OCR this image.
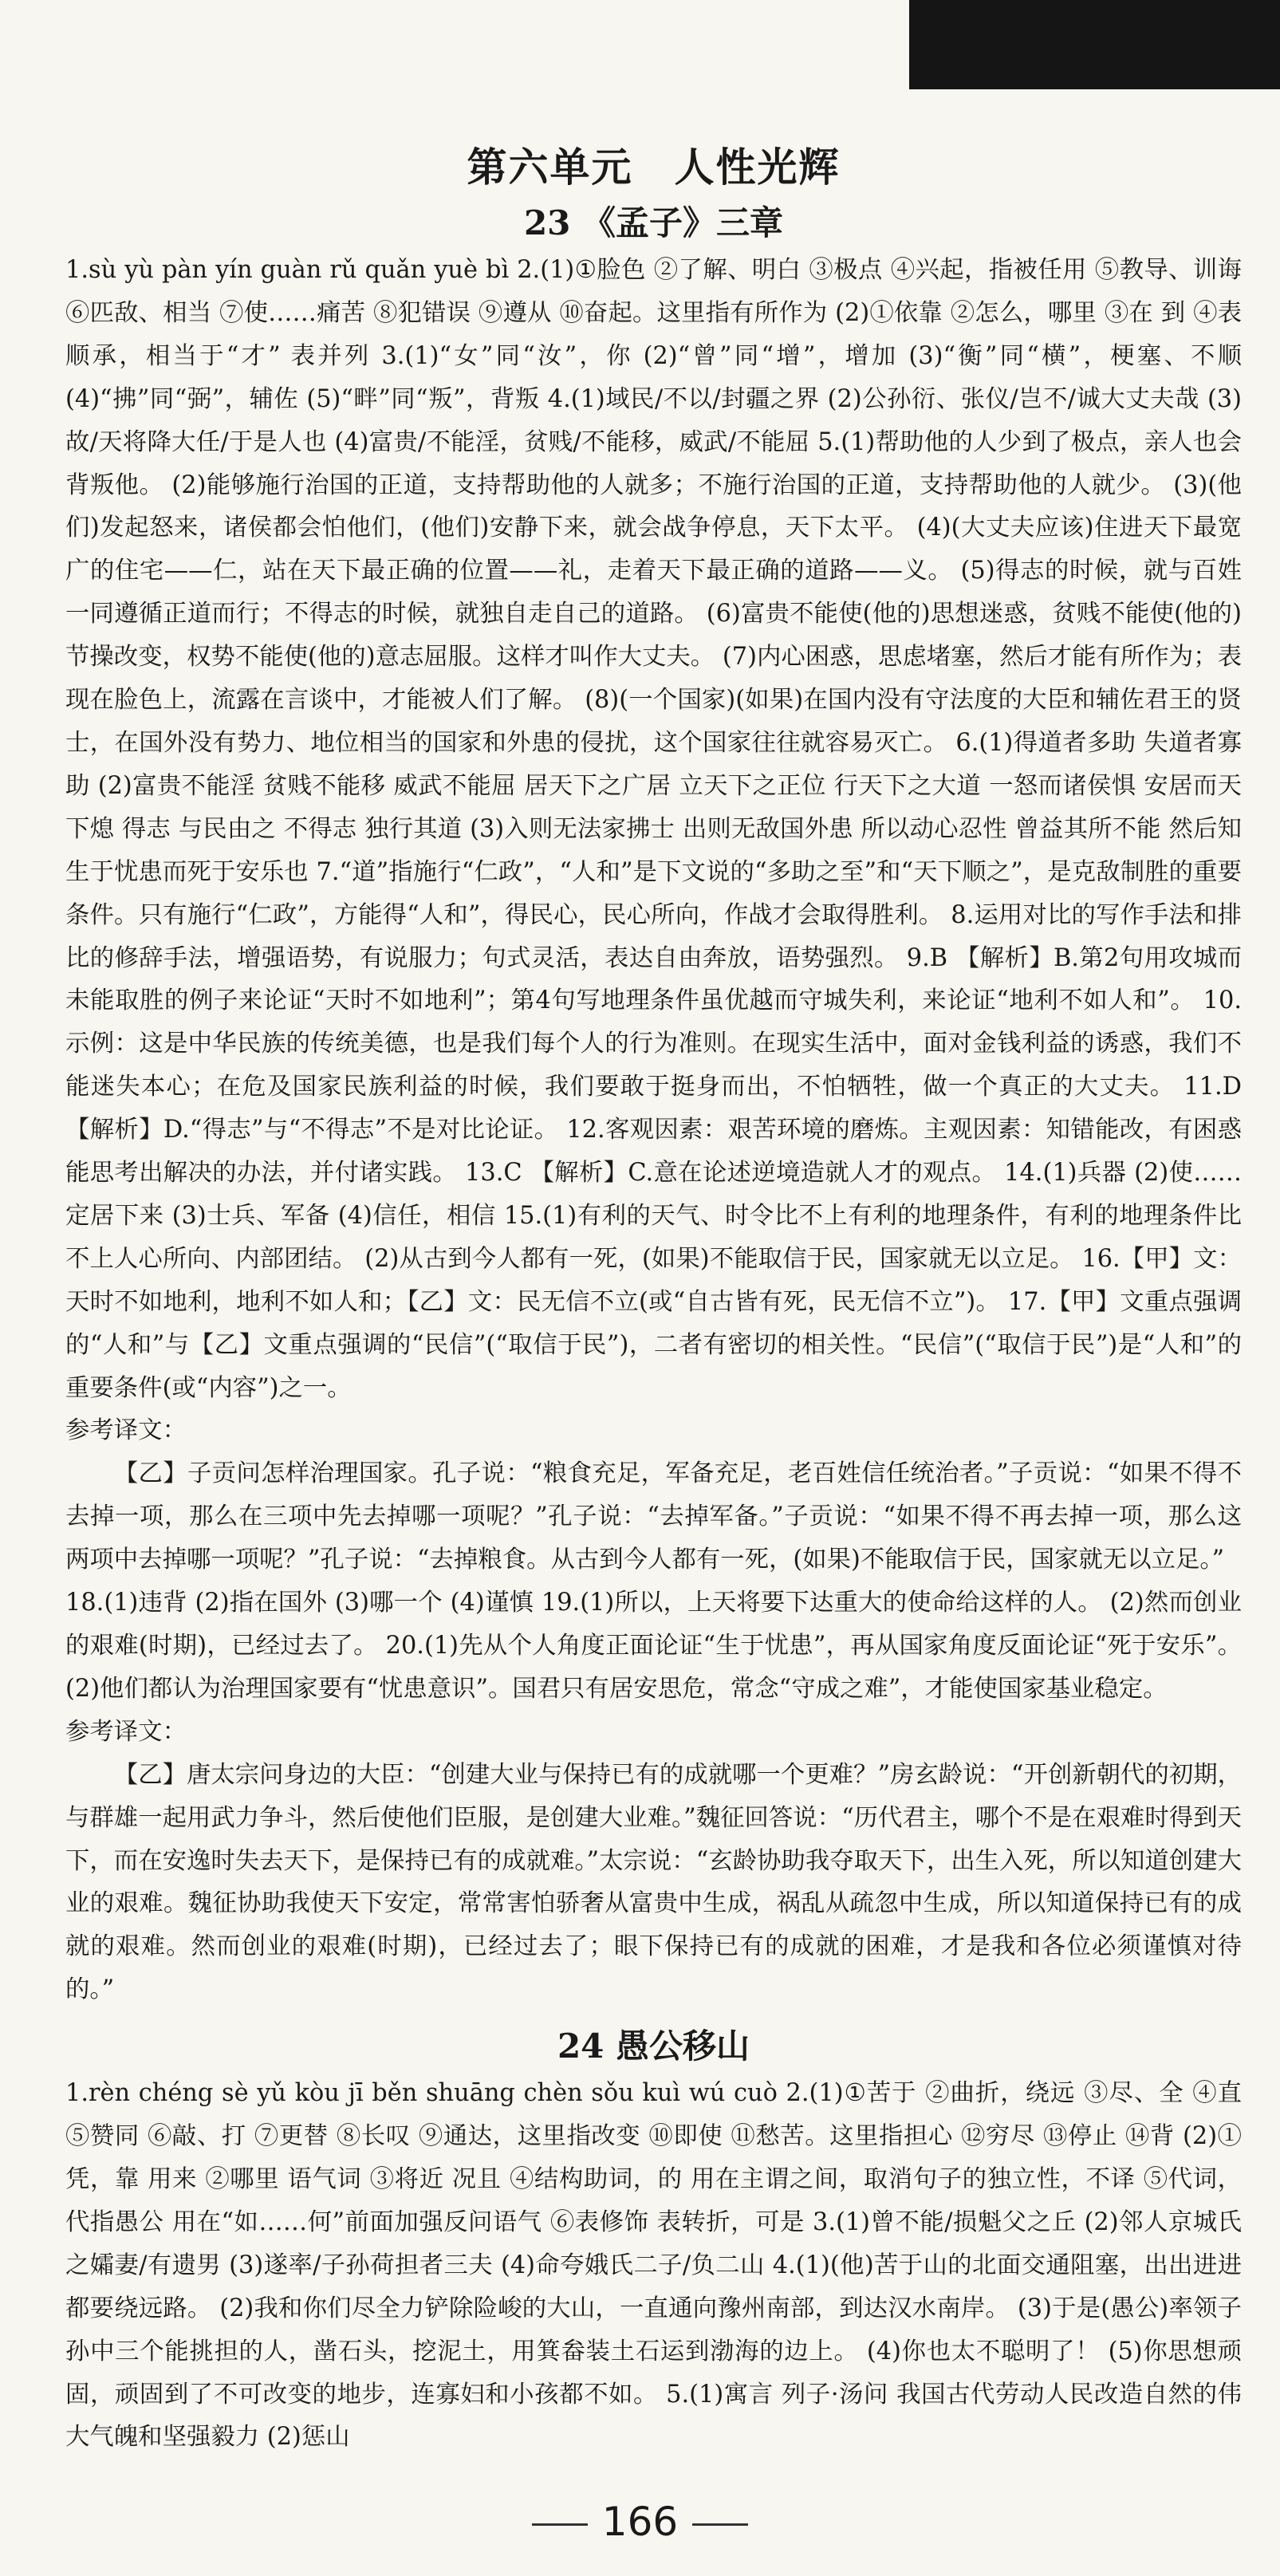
第六单元　人性光辉
23 《孟子》三章

1.sù yù pàn yín guàn rǔ quǎn yuè bì 2.(1)①脸色 ②了解、明白 ③极点 ④兴起，指被任用 ⑤教导、训诲 ⑥匹敌、相当 ⑦使……痛苦 ⑧犯错误 ⑨遵从 ⑩奋起。这里指有所作为 (2)①依靠 ②怎么，哪里 ③在 到 ④表顺承，相当于“才” 表并列 3.(1)“女”同“汝”，你 (2)“曾”同“增”，增加 (3)“衡”同“横”，梗塞、不顺 (4)“拂”同“弼”，辅佐 (5)“畔”同“叛”，背叛 4.(1)域民/不以/封疆之界 (2)公孙衍、张仪/岂不/诚大丈夫哉 (3)故/天将降大任/于是人也 (4)富贵/不能淫，贫贱/不能移，威武/不能屈 5.(1)帮助他的人少到了极点，亲人也会背叛他。 (2)能够施行治国的正道，支持帮助他的人就多；不施行治国的正道，支持帮助他的人就少。 (3)(他们)发起怒来，诸侯都会怕他们，(他们)安静下来，就会战争停息，天下太平。 (4)(大丈夫应该)住进天下最宽广的住宅——仁，站在天下最正确的位置——礼，走着天下最正确的道路——义。 (5)得志的时候，就与百姓一同遵循正道而行；不得志的时候，就独自走自己的道路。 (6)富贵不能使(他的)思想迷惑，贫贱不能使(他的)节操改变，权势不能使(他的)意志屈服。这样才叫作大丈夫。 (7)内心困惑，思虑堵塞，然后才能有所作为；表现在脸色上，流露在言谈中，才能被人们了解。 (8)(一个国家)(如果)在国内没有守法度的大臣和辅佐君王的贤士，在国外没有势力、地位相当的国家和外患的侵扰，这个国家往往就容易灭亡。 6.(1)得道者多助 失道者寡助 (2)富贵不能淫 贫贱不能移 威武不能屈 居天下之广居 立天下之正位 行天下之大道 一怒而诸侯惧 安居而天下熄 得志 与民由之 不得志 独行其道 (3)入则无法家拂士 出则无敌国外患 所以动心忍性 曾益其所不能 然后知生于忧患而死于安乐也 7.“道”指施行“仁政”，“人和”是下文说的“多助之至”和“天下顺之”，是克敌制胜的重要条件。只有施行“仁政”，方能得“人和”，得民心，民心所向，作战才会取得胜利。 8.运用对比的写作手法和排比的修辞手法，增强语势，有说服力；句式灵活，表达自由奔放，语势强烈。 9.B 【解析】B.第2句用攻城而未能取胜的例子来论证“天时不如地利”；第4句写地理条件虽优越而守城失利，来论证“地利不如人和”。 10.示例：这是中华民族的传统美德，也是我们每个人的行为准则。在现实生活中，面对金钱利益的诱惑，我们不能迷失本心；在危及国家民族利益的时候，我们要敢于挺身而出，不怕牺牲，做一个真正的大丈夫。 11.D 【解析】D.“得志”与“不得志”不是对比论证。 12.客观因素：艰苦环境的磨炼。主观因素：知错能改，有困惑能思考出解决的办法，并付诸实践。 13.C 【解析】C.意在论述逆境造就人才的观点。 14.(1)兵器 (2)使……定居下来 (3)士兵、军备 (4)信任，相信 15.(1)有利的天气、时令比不上有利的地理条件，有利的地理条件比不上人心所向、内部团结。 (2)从古到今人都有一死，(如果)不能取信于民，国家就无以立足。 16.【甲】文：天时不如地利，地利不如人和；【乙】文：民无信不立(或“自古皆有死，民无信不立”)。 17.【甲】文重点强调的“人和”与【乙】文重点强调的“民信”(“取信于民”)，二者有密切的相关性。“民信”(“取信于民”)是“人和”的重要条件(或“内容”)之一。

参考译文：

【乙】子贡问怎样治理国家。孔子说：“粮食充足，军备充足，老百姓信任统治者。”子贡说：“如果不得不去掉一项，那么在三项中先去掉哪一项呢？”孔子说：“去掉军备。”子贡说：“如果不得不再去掉一项，那么这两项中去掉哪一项呢？”孔子说：“去掉粮食。从古到今人都有一死，(如果)不能取信于民，国家就无以立足。”

18.(1)违背 (2)指在国外 (3)哪一个 (4)谨慎 19.(1)所以，上天将要下达重大的使命给这样的人。 (2)然而创业的艰难(时期)，已经过去了。 20.(1)先从个人角度正面论证“生于忧患”，再从国家角度反面论证“死于安乐”。 (2)他们都认为治理国家要有“忧患意识”。国君只有居安思危，常念“守成之难”，才能使国家基业稳定。

参考译文：

【乙】唐太宗问身边的大臣：“创建大业与保持已有的成就哪一个更难？”房玄龄说：“开创新朝代的初期，与群雄一起用武力争斗，然后使他们臣服，是创建大业难。”魏征回答说：“历代君主，哪个不是在艰难时得到天下，而在安逸时失去天下，是保持已有的成就难。”太宗说：“玄龄协助我夺取天下，出生入死，所以知道创建大业的艰难。魏征协助我使天下安定，常常害怕骄奢从富贵中生成，祸乱从疏忽中生成，所以知道保持已有的成就的艰难。然而创业的艰难(时期)，已经过去了；眼下保持已有的成就的困难，才是我和各位必须谨慎对待的。”

24 愚公移山

1.rèn chéng sè yǔ kòu jī běn shuāng chèn sǒu kuì wú cuò 2.(1)①苦于 ②曲折，绕远 ③尽、全 ④直 ⑤赞同 ⑥敲、打 ⑦更替 ⑧长叹 ⑨通达，这里指改变 ⑩即使 ⑪愁苦。这里指担心 ⑫穷尽 ⑬停止 ⑭背 (2)①凭，靠 用来 ②哪里 语气词 ③将近 况且 ④结构助词，的 用在主谓之间，取消句子的独立性，不译 ⑤代词，代指愚公 用在“如……何”前面加强反问语气 ⑥表修饰 表转折，可是 3.(1)曾不能/损魁父之丘 (2)邻人京城氏之孀妻/有遗男 (3)遂率/子孙荷担者三夫 (4)命夸娥氏二子/负二山 4.(1)(他)苦于山的北面交通阻塞，出出进进都要绕远路。 (2)我和你们尽全力铲除险峻的大山，一直通向豫州南部，到达汉水南岸。 (3)于是(愚公)率领子孙中三个能挑担的人，凿石头，挖泥土，用箕畚装土石运到渤海的边上。 (4)你也太不聪明了！ (5)你思想顽固，顽固到了不可改变的地步，连寡妇和小孩都不如。 5.(1)寓言 列子·汤问 我国古代劳动人民改造自然的伟大气魄和坚强毅力 (2)惩山

166
